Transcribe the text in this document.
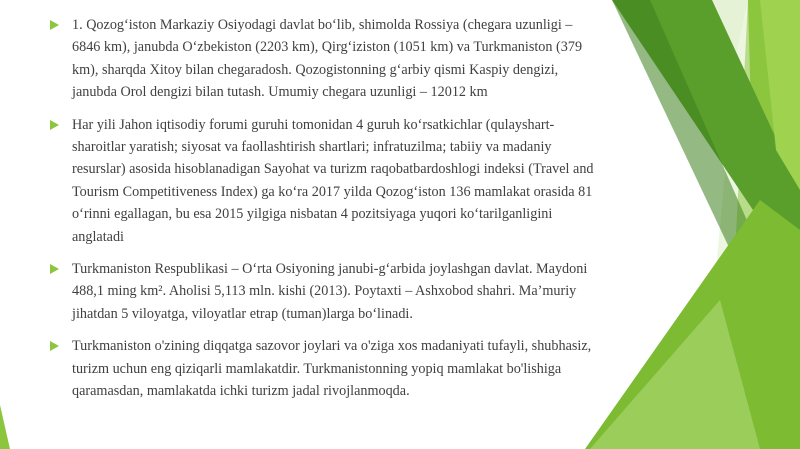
1. Qozog‘iston Markaziy Osiyodagi davlat bo‘lib, shimolda Rossiya (chegara uzunligi – 6846 km), janubda O‘zbekiston (2203 km), Qirg‘iziston (1051 km) va Turkmaniston (379 km), sharqda Xitoy bilan chegaradosh. Qozogistonning g‘arbiy qismi Kaspiy dengizi, janubda Orol dengizi bilan tutash. Umumiy chegara uzunligi – 12012 km
Har yili Jahon iqtisodiy forumi guruhi tomonidan 4 guruh ko‘rsatkichlar (qulayshart-sharoitlar yaratish; siyosat va faollashtirish shartlari; infratuzilma; tabiiy va madaniy resurslar) asosida hisoblanadigan Sayohat va turizm raqobatbardoshlogi indeksi (Travel and Tourism Competitiveness Index) ga ko‘ra 2017 yilda Qozog‘iston 136 mamlakat orasida 81 o‘rinni egallagan, bu esa 2015 yilgiga nisbatan 4 pozitsiyaga yuqori ko‘tarilganligini anglatadi
Turkmaniston Respublikasi – O‘rta Osiyoning janubi-g‘arbida joylashgan davlat. Maydoni 488,1 ming km². Aholisi 5,113 mln. kishi (2013). Poytaxti – Ashxobod shahri. Ma’muriy jihatdan 5 viloyatga, viloyatlar etrap (tuman)larga bo‘linadi.
Turkmaniston o'zining diqqatga sazovor joylari va o'ziga xos madaniyati tufayli, shubhasiz, turizm uchun eng qiziqarli mamlakatdir. Turkmanistonning yopiq mamlakat bo'lishiga qaramasdan, mamlakatda ichki turizm jadal rivojlanmoqda.
